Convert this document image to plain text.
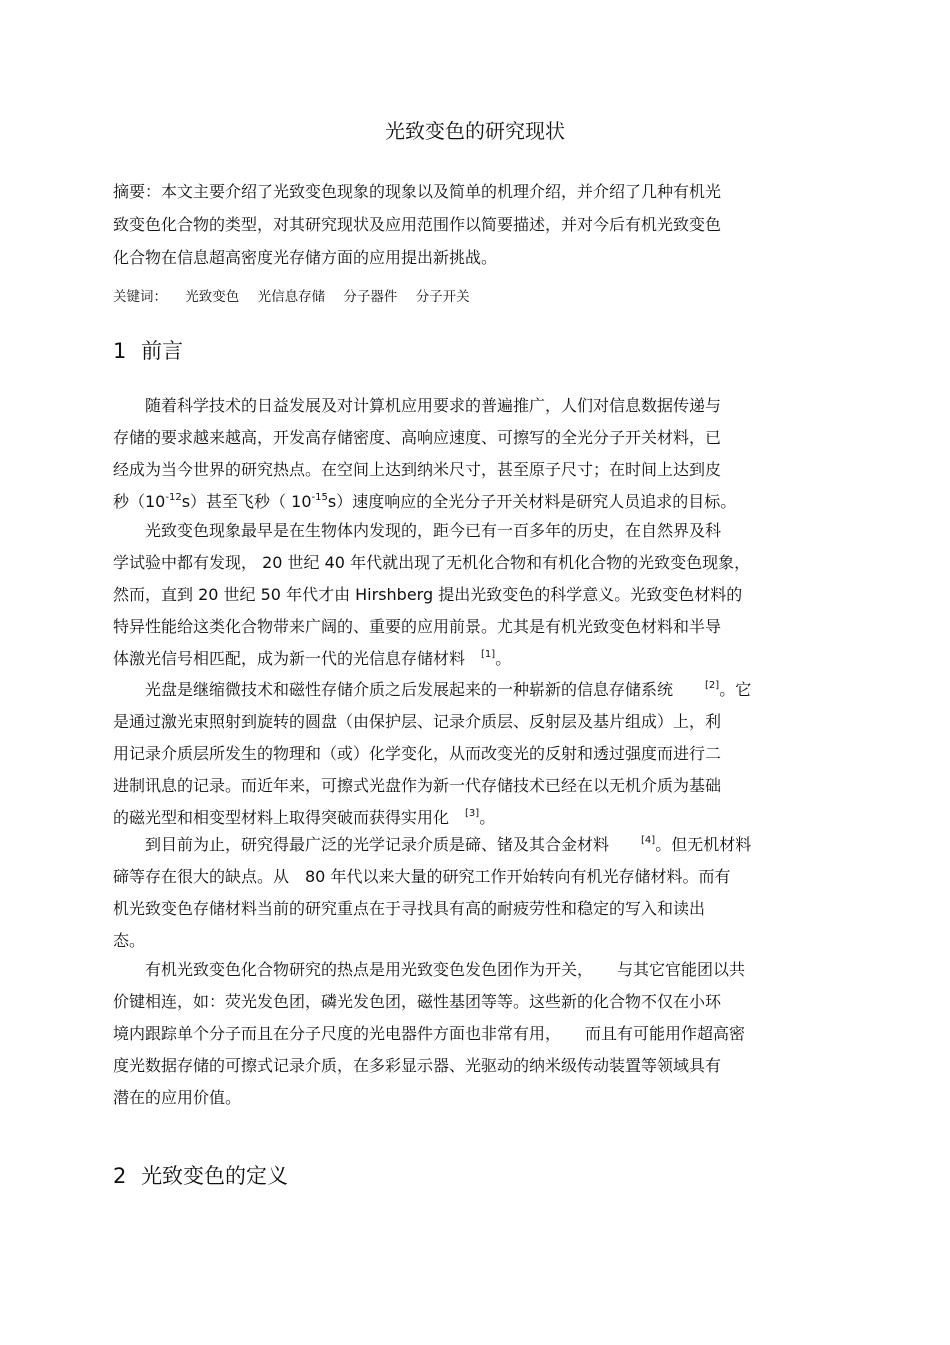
光致变色的研究现状
摘要：本文主要介绍了光致变色现象的现象以及简单的机理介绍，并介绍了几种有机光
致变色化合物的类型，对其研究现状及应用范围作以简要描述，并对今后有机光致变色
化合物在信息超高密度光存储方面的应用提出新挑战。
关键词： 光致变色 光信息存储 分子器件 分子开关
1 前言
　　随着科学技术的日益发展及对计算机应用要求的普遍推广，人们对信息数据传递与
存储的要求越来越高，开发高存储密度、高响应速度、可擦写的全光分子开关材料，已
经成为当今世界的研究热点。在空间上达到纳米尺寸，甚至原子尺寸；在时间上达到皮
秒$(10^{-12}s)$甚至飞秒（ $10^{-15}s$）速度响应的全光分子开关材料是研究人员追求的目标。
　　光致变色现象最早是在生物体内发现的，距今已有一百多年的历史，在自然界及科
学试验中都有发现， 20 世纪 40 年代就出现了无机化合物和有机化合物的光致变色现象，
然而，直到 20 世纪 50 年代才由 Hirshberg 提出光致变色的科学意义。光致变色材料的
特异性能给这类化合物带来广阔的、重要的应用前景。尤其是有机光致变色材料和半导
体激光信号相匹配，成为新一代的光信息存储材料　[1]。
　　光盘是继缩微技术和磁性存储介质之后发展起来的一种崭新的信息存储系统　　[2]。它
是通过激光束照射到旋转的圆盘（由保护层、记录介质层、反射层及基片组成）上，利
用记录介质层所发生的物理和（或）化学变化，从而改变光的反射和透过强度而进行二
进制讯息的记录。而近年来，可擦式光盘作为新一代存储技术已经在以无机介质为基础
的磁光型和相变型材料上取得突破而获得实用化　[3]。
　　到目前为止，研究得最广泛的光学记录介质是碲、锗及其合金材料　　[4]。但无机材料
碲等存在很大的缺点。从　80 年代以来大量的研究工作开始转向有机光存储材料。而有
机光致变色存储材料当前的研究重点在于寻找具有高的耐疲劳性和稳定的写入和读出
态。
　　有机光致变色化合物研究的热点是用光致变色发色团作为开关，　　与其它官能团以共
价键相连，如：荧光发色团，磷光发色团，磁性基团等等。这些新的化合物不仅在小环
境内跟踪单个分子而且在分子尺度的光电器件方面也非常有用，　　而且有可能用作超高密
度光数据存储的可擦式记录介质，在多彩显示器、光驱动的纳米级传动装置等领域具有
潜在的应用价值。
2 光致变色的定义
